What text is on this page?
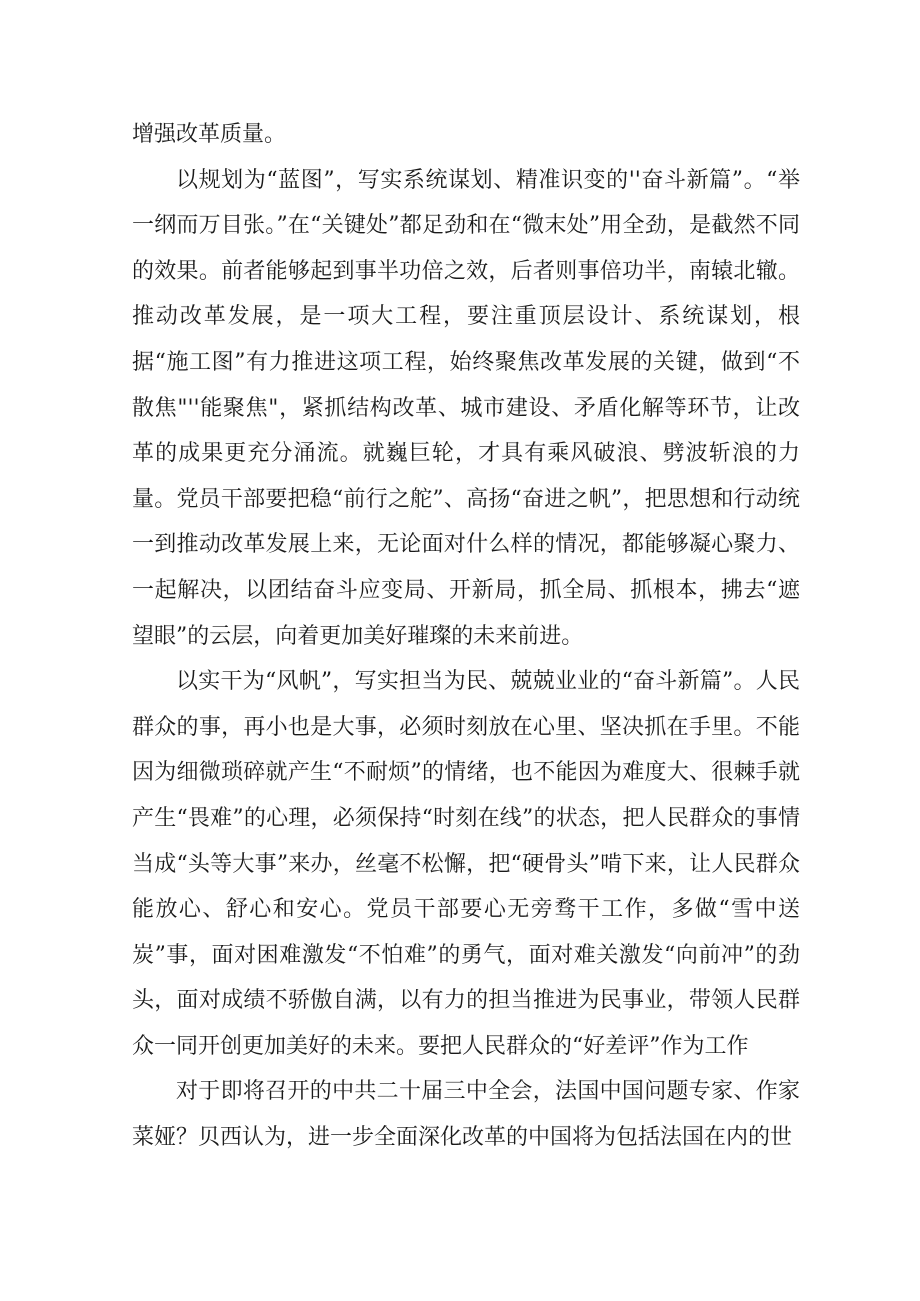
增强改革质量。

以规划为“蓝图”，写实系统谋划、精准识变的''奋斗新篇”。“举一纲而万目张。”在“关键处”都足劲和在“微末处”用全劲，是截然不同的效果。前者能够起到事半功倍之效，后者则事倍功半，南辕北辙。推动改革发展，是一项大工程，要注重顶层设计、系统谋划，根据“施工图”有力推进这项工程，始终聚焦改革发展的关键，做到“不散焦"''能聚焦"，紧抓结构改革、城市建设、矛盾化解等环节，让改革的成果更充分涌流。就巍巨轮，才具有乘风破浪、劈波斩浪的力量。党员干部要把稳“前行之舵”、高扬“奋进之帆”，把思想和行动统一到推动改革发展上来，无论面对什么样的情况，都能够凝心聚力、一起解决，以团结奋斗应变局、开新局，抓全局、抓根本，拂去“遮望眼”的云层，向着更加美好璀璨的未来前进。

以实干为“风帆”，写实担当为民、兢兢业业的“奋斗新篇”。人民群众的事，再小也是大事，必须时刻放在心里、坚决抓在手里。不能因为细微琐碎就产生“不耐烦”的情绪，也不能因为难度大、很棘手就产生“畏难”的心理，必须保持“时刻在线”的状态，把人民群众的事情当成“头等大事”来办，丝毫不松懈，把“硬骨头”啃下来，让人民群众能放心、舒心和安心。党员干部要心无旁骛干工作，多做“雪中送炭”事，面对困难激发“不怕难”的勇气，面对难关激发“向前冲”的劲头，面对成绩不骄傲自满，以有力的担当推进为民事业，带领人民群众一同开创更加美好的未来。要把人民群众的“好差评”作为工作

对于即将召开的中共二十届三中全会，法国中国问题专家、作家菜娅？贝西认为，进一步全面深化改革的中国将为包括法国在内的世
